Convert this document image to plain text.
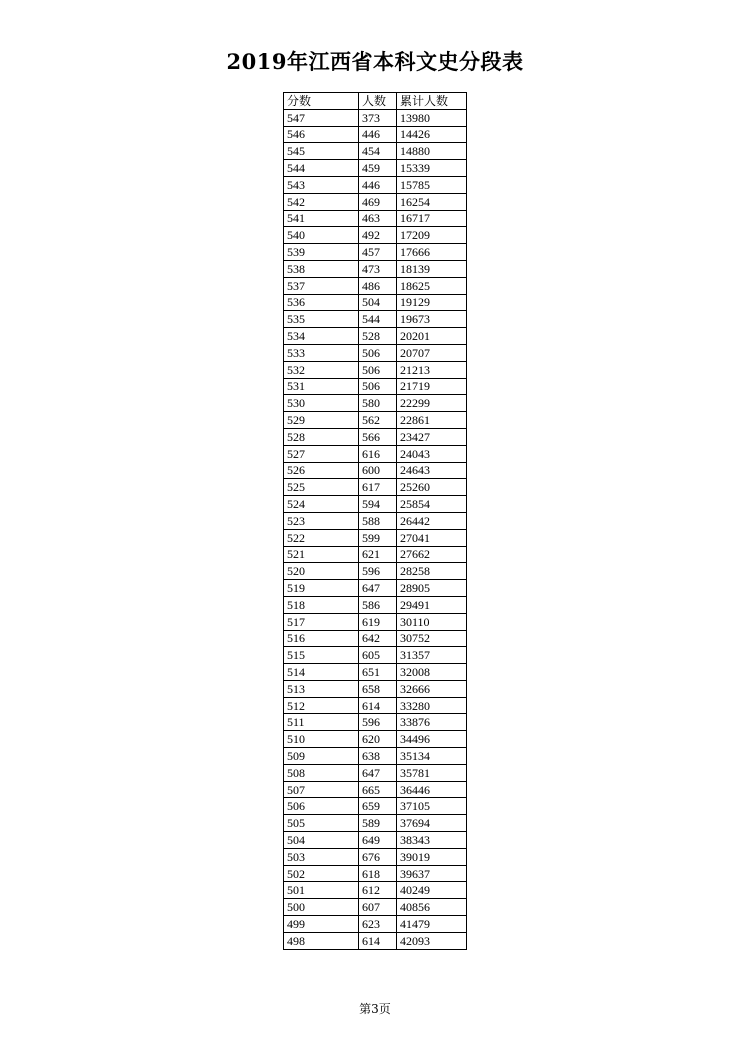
2019年江西省本科文史分段表
分数	人数	累计人数
547	373	13980
546	446	14426
545	454	14880
544	459	15339
543	446	15785
542	469	16254
541	463	16717
540	492	17209
539	457	17666
538	473	18139
537	486	18625
536	504	19129
535	544	19673
534	528	20201
533	506	20707
532	506	21213
531	506	21719
530	580	22299
529	562	22861
528	566	23427
527	616	24043
526	600	24643
525	617	25260
524	594	25854
523	588	26442
522	599	27041
521	621	27662
520	596	28258
519	647	28905
518	586	29491
517	619	30110
516	642	30752
515	605	31357
514	651	32008
513	658	32666
512	614	33280
511	596	33876
510	620	34496
509	638	35134
508	647	35781
507	665	36446
506	659	37105
505	589	37694
504	649	38343
503	676	39019
502	618	39637
501	612	40249
500	607	40856
499	623	41479
498	614	42093
第3页
